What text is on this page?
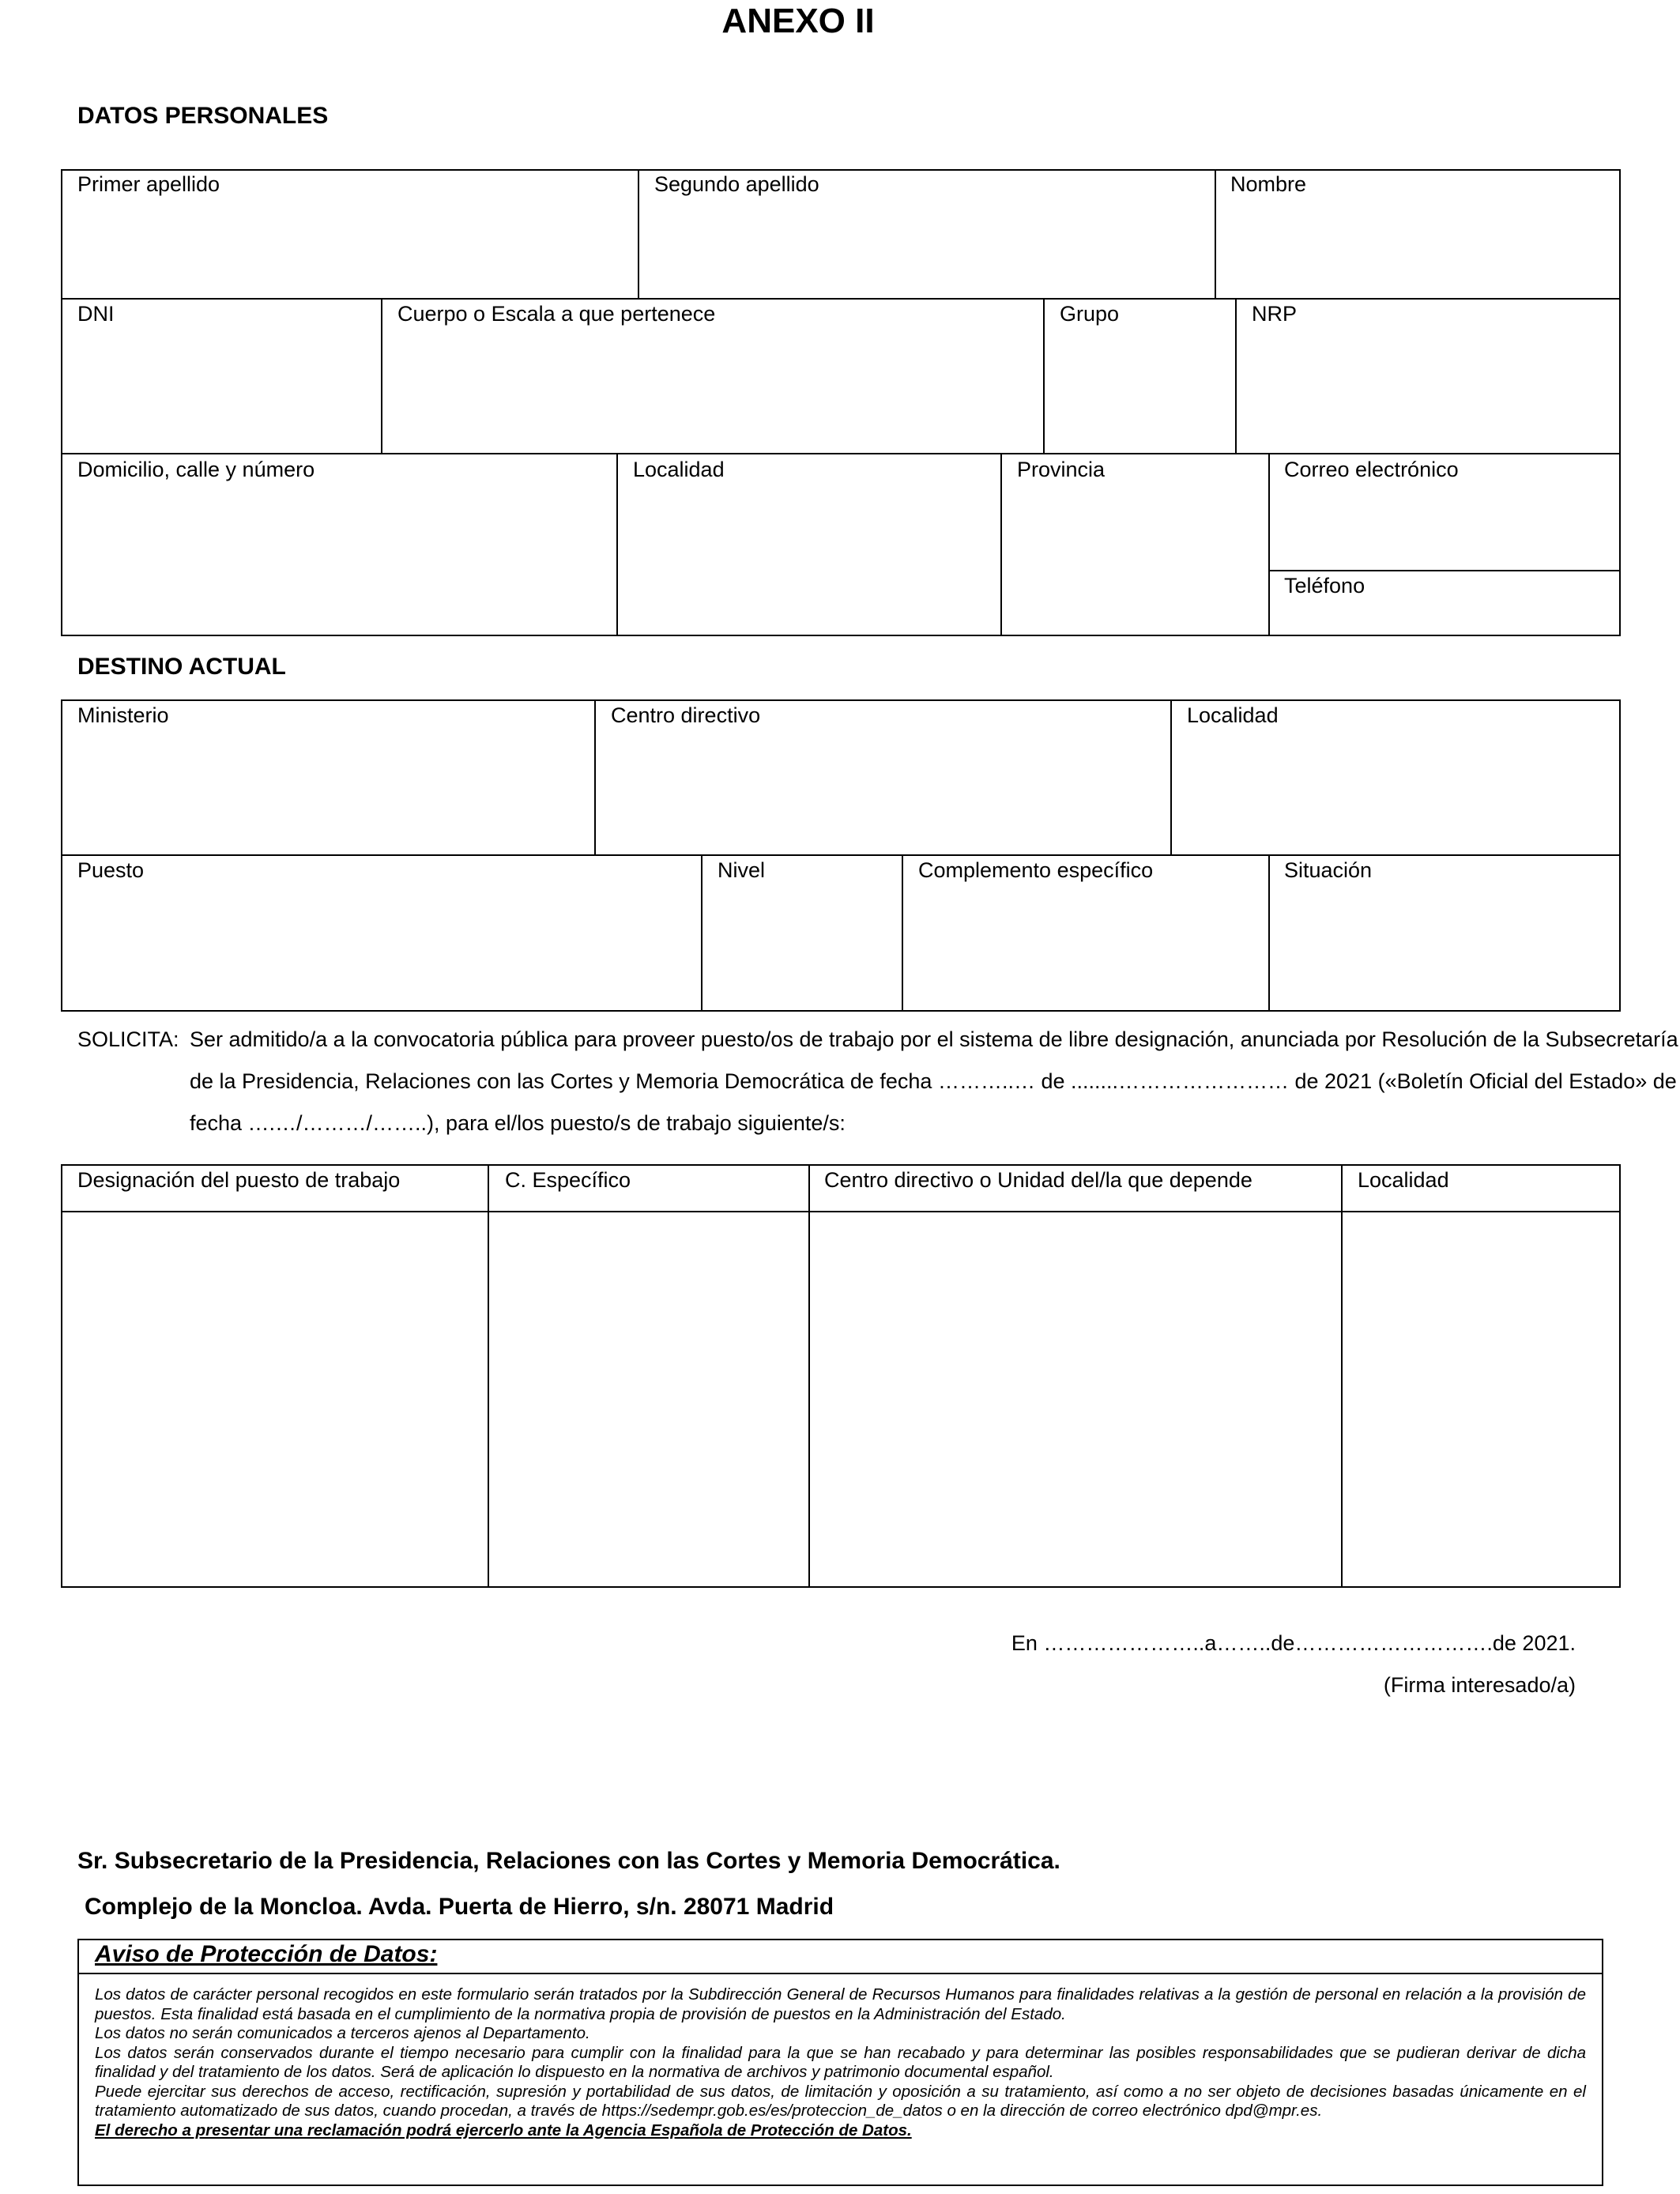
ANEXO II
DATOS PERSONALES
Primer apellido	Segundo apellido	Nombre
DNI	Cuerpo o Escala a que pertenece	Grupo	NRP
Domicilio, calle y número	Localidad	Provincia	Correo electrónico
Teléfono
DESTINO ACTUAL
Ministerio	Centro directivo	Localidad
Puesto	Nivel	Complemento específico	Situación
SOLICITA: Ser admitido/a a la convocatoria pública para proveer puesto/os de trabajo por el sistema de libre designación, anunciada por Resolución de la Subsecretaría
de la Presidencia, Relaciones con las Cortes y Memoria Democrática de fecha ………..… de ........…………………… de 2021 («Boletín Oficial del Estado» de
fecha ….…/………/……..), para el/los puesto/s de trabajo siguiente/s:
Designación del puesto de trabajo	C. Específico	Centro directivo o Unidad del/la que depende	Localidad
En …………………..a……..de……………………….de 2021.
(Firma interesado/a)
Sr. Subsecretario de la Presidencia, Relaciones con las Cortes y Memoria Democrática.
Complejo de la Moncloa. Avda. Puerta de Hierro, s/n. 28071 Madrid
Aviso de Protección de Datos:

Los datos de carácter personal recogidos en este formulario serán tratados por la Subdirección General de Recursos Humanos para finalidades relativas a la gestión de personal en relación a la provisión de puestos. Esta finalidad está basada en el cumplimiento de la normativa propia de provisión de puestos en la Administración del Estado.

Los datos no serán comunicados a terceros ajenos al Departamento.

Los datos serán conservados durante el tiempo necesario para cumplir con la finalidad para la que se han recabado y para determinar las posibles responsabilidades que se pudieran derivar de dicha finalidad y del tratamiento de los datos. Será de aplicación lo dispuesto en la normativa de archivos y patrimonio documental español.

Puede ejercitar sus derechos de acceso, rectificación, supresión y portabilidad de sus datos, de limitación y oposición a su tratamiento, así como a no ser objeto de decisiones basadas únicamente en el tratamiento automatizado de sus datos, cuando procedan, a través de https://sedempr.gob.es/es/proteccion_de_datos o en la dirección de correo electrónico dpd@mpr.es.

El derecho a presentar una reclamación podrá ejercerlo ante la Agencia Española de Protección de Datos.
